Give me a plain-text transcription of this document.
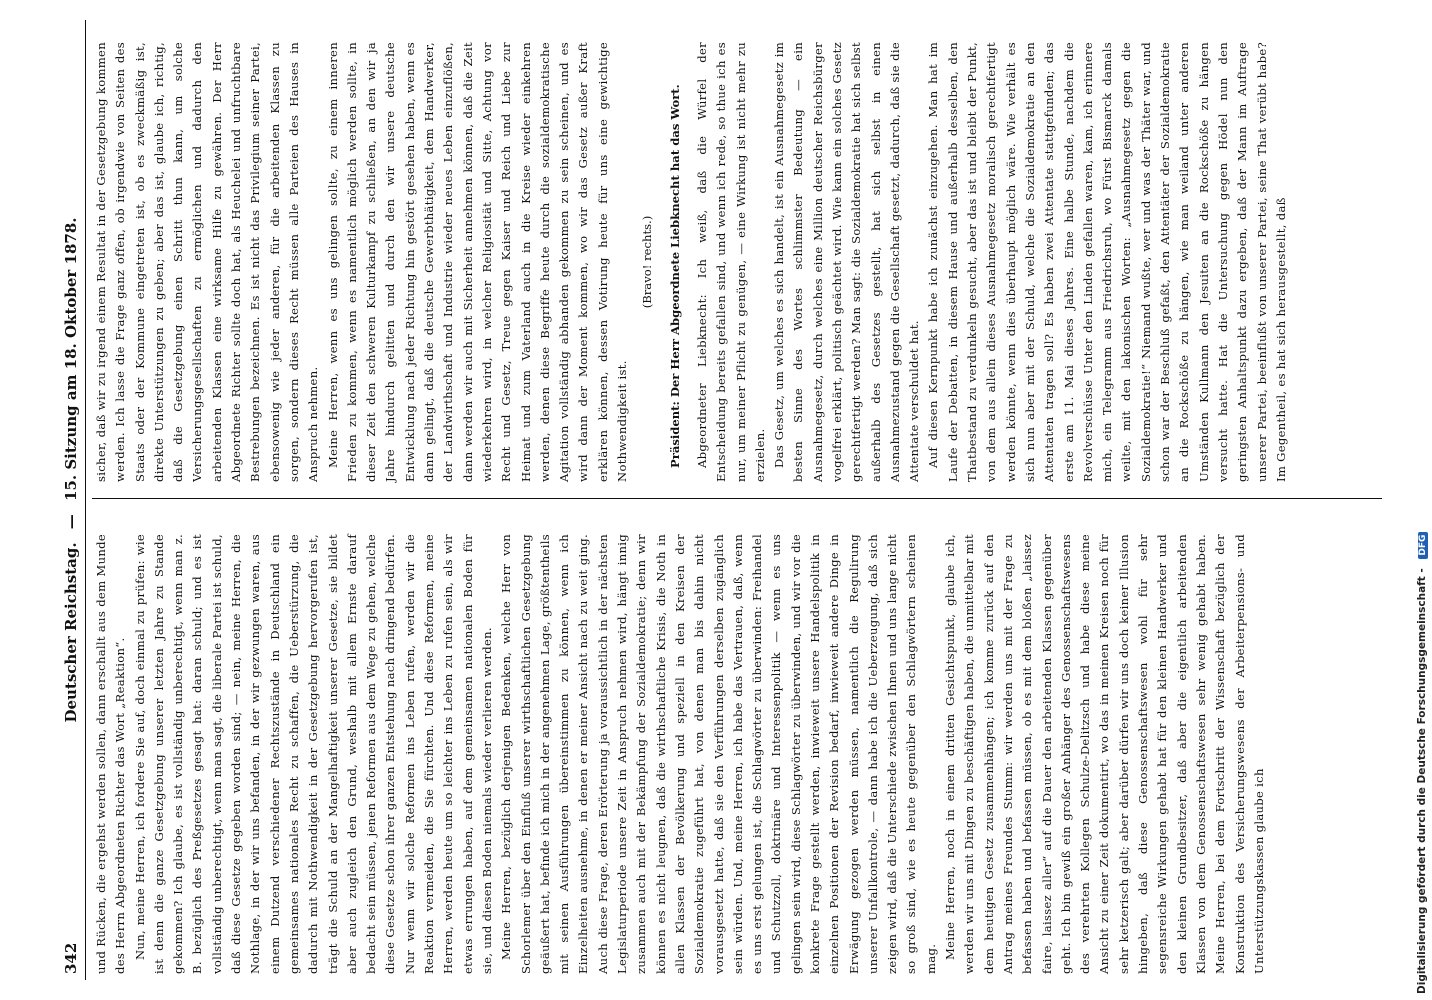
342
Deutscher Reichstag. — 15. Sitzung am 18. Oktober 1878.

und Rücken, die ergehst werden sollen, dann erschallt aus dem Munde des Herrn Abgeordneten Richter das Wort „Reaktion“. Nun, meine Herren, ich fordere Sie auf, doch einmal zu prüfen: wie ist denn die ganze Gesetzgebung unserer letzten Jahre zu Stande gekommen? Ich glaube, es ist vollständig unberechtigt, wenn man z. B. bezüglich des Preßgesetzes gesagt hat: daran schuld; und es ist vollständig unberechtigt, wenn man sagt, die liberale Partei ist schuld, daß diese Gesetze gegeben worden sind; — nein, meine Herren, die Nothlage, in der wir uns befanden, in der wir gezwungen waren, aus einem Dutzend verschiedener Rechtszustände in Deutschland ein gemeinsames nationales Recht zu schaffen, die Ueberstürzung, die dadurch mit Nothwendigkeit in der Gesetzgebung hervorgerufen ist, trägt die Schuld an der Mangelhaftigkeit unserer Gesetze, sie bildet aber auch zugleich den Grund, weshalb mit allem Ernste darauf bedacht sein müssen, jenen Reformen aus dem Wege zu gehen, welche diese Gesetze schon ihrer ganzen Entstehung nach dringend bedürfen. Nur wenn wir solche Reformen ins Leben rufen, werden wir die Reaktion vermeiden, die Sie fürchten. Und diese Reformen, meine Herren, werden heute um so leichter ins Leben zu rufen sein, als wir etwas errungen haben, auf dem gemeinsamen nationalen Boden für sie, und diesen Boden niemals wieder verlieren werden. Meine Herren, bezüglich derjenigen Bedenken, welche Herr von Schorlemer über den Einfluß unserer wirthschaftlichen Gesetzgebung geäußert hat, befinde ich mich in der angenehmen Lage, größtentheils mit seinen Ausführungen übereinstimmen zu können, wenn ich Einzelheiten ausnehme, in denen er meiner Ansicht nach zu weit ging. Auch diese Frage, deren Erörterung ja voraussichtlich in der nächsten Legislaturperiode unsere Zeit in Anspruch nehmen wird, hängt innig zusammen auch mit der Bekämpfung der Sozialdemokratie; denn wir können es nicht leugnen, daß die wirthschaftliche Krisis, die Noth in allen Klassen der Bevölkerung und speziell in den Kreisen der Sozialdemokratie zugeführt hat, von denen man bis dahin nicht vorausgesetzt hatte, daß sie den Verführungen derselben zugänglich sein würden. Und, meine Herren, ich habe das Vertrauen, daß, wenn es uns erst gelungen ist, die Schlagwörter zu überwinden: Freihandel und Schutzzoll, doktrinäre und Interessenpolitik — wenn es uns gelingen sein wird, diese Schlagwörter zu überwinden, und wir vor die konkrete Frage gestellt werden, inwieweit unsere Handelspolitik in einzelnen Positionen der Revision bedarf, inwieweit andere Dinge in Erwägung gezogen werden müssen, namentlich die Regulirung unserer Unfallkontrole, — dann habe ich die Ueberzeugung, daß sich zeigen wird, daß die Unterschiede zwischen Ihnen und uns lange nicht so groß sind, wie es heute gegenüber den Schlagwörtern scheinen mag. Meine Herren, noch in einem dritten Gesichtspunkt, glaube ich, werden wir uns mit Dingen zu beschäftigen haben, die unmittelbar mit dem heutigen Gesetz zusammenhängen; ich komme zurück auf den Antrag meines Freundes Stumm: wir werden uns mit der Frage zu befassen haben und befassen müssen, ob es mit dem bloßen „laissez faire, laissez aller“ auf die Dauer den arbeitenden Klassen gegenüber geht. Ich bin gewiß ein großer Anhänger des Genossenschaftswesens des verehrten Kollegen Schulze-Delitzsch und habe diese meine Ansicht zu einer Zeit dokumentirt, wo das in meinen Kreisen noch für sehr ketzerisch galt; aber darüber dürfen wir uns doch keiner Illusion hingeben, daß diese Genossenschaftswesen wohl für sehr segensreiche Wirkungen gehabt hat für den kleinen Handwerker und den kleinen Grundbesitzer, daß aber die eigentlich arbeitenden Klassen von dem Genossenschaftswesen sehr wenig gehabt haben. Meine Herren, bei dem Fortschritt der Wissenschaft bezüglich der Konstruktion des Versicherungswesens der Arbeiterpensions- und Unterstützungskassen glaube ich

sicher, daß wir zu irgend einem Resultat in der Gesetzgebung kommen werden. Ich lasse die Frage ganz offen, ob irgendwie von Seiten des Staats oder der Kommune eingetreten ist, ob es zweckmäßig ist, direkte Unterstützungen zu geben; aber das ist, glaube ich, richtig, daß die Gesetzgebung einen Schritt thun kann, um solche Versicherungsgesellschaften zu ermöglichen und dadurch den arbeitenden Klassen eine wirksame Hilfe zu gewähren. Der Herr Abgeordnete Richter sollte doch hat, als Heuchelei und unfruchtbare Bestrebungen bezeichnen. Es ist nicht das Privilegium seiner Partei, ebensowenig wie jeder anderen, für die arbeitenden Klassen zu sorgen, sondern dieses Recht müssen alle Parteien des Hauses in Anspruch nehmen. Meine Herren, wenn es uns gelingen sollte, zu einem inneren Frieden zu kommen, wenn es namentlich möglich werden sollte, in dieser Zeit den schweren Kulturkampf zu schließen, an den wir ja Jahre hindurch gelitten und durch den wir unsere deutsche Entwicklung nach jeder Richtung hin gestört gesehen haben, wenn es dann gelingt, daß die deutsche Gewerbthätigkeit, dem Handwerker, der Landwirthschaft und Industrie wieder neues Leben einzuflößen, dann werden wir auch mit Sicherheit annehmen können, daß die Zeit wiederkehren wird, in welcher Religiosität und Sitte, Achtung vor Recht und Gesetz, Treue gegen Kaiser und Reich und Liebe zur Heimat und zum Vaterland auch in die Kreise wieder einkehren werden, denen diese Begriffe heute durch die sozialdemokratische Agitation vollständig abhanden gekommen zu sein scheinen, und es wird dann der Moment kommen, wo wir das Gesetz außer Kraft erklären können, dessen Votirung heute für uns eine gewichtige Nothwendigkeit ist.

(Bravo! rechts.) Präsident: Der Herr Abgeordnete Liebknecht hat das Wort. Abgeordneter Liebknecht: Ich weiß, daß die Würfel der Entscheidung bereits gefallen sind, und wenn ich rede, so thue ich es nur, um meiner Pflicht zu genügen, — eine Wirkung ist nicht mehr zu erzielen. Das Gesetz, um welches es sich handelt, ist ein Ausnahmegesetz im besten Sinne des Wortes schlimmster Bedeutung — ein Ausnahmegesetz, durch welches eine Million deutscher Reichsbürger vogelfrei erklärt, politisch geächtet wird. Wie kann ein solches Gesetz gerechtfertigt werden? Man sagt: die Sozialdemokratie hat sich selbst außerhalb des Gesetzes gestellt, hat sich selbst in einen Ausnahmezustand gegen die Gesellschaft gesetzt, dadurch, daß sie die Attentate verschuldet hat. Auf diesen Kernpunkt habe ich zunächst einzugehen. Man hat im Laufe der Debatten, in diesem Hause und außerhalb desselben, den Thatbestand zu verdunkeln gesucht, aber das ist und bleibt der Punkt, von dem aus allein dieses Ausnahmegesetz moralisch gerechtfertigt werden könnte, wenn dies überhaupt möglich wäre. Wie verhält es sich nun aber mit der Schuld, welche die Sozialdemokratie an den Attentaten tragen soll? Es haben zwei Attentate stattgefunden; das erste am 11. Mai dieses Jahres. Eine halbe Stunde, nachdem die Revolverschüsse Unter den Linden gefallen waren, kam, ich erinnere mich, ein Telegramm aus Friedrichsruh, wo Fürst Bismarck damals weilte, mit den lakonischen Worten: „Ausnahmegesetz gegen die Sozialdemokratie!“ Niemand wußte, wer und was der Thäter war, und schon war der Beschluß gefaßt, den Attentäter der Sozialdemokratie an die Rockschöße zu hängen, wie man weiland unter anderen Umständen Kullmann den Jesuiten an die Rockschöße zu hängen versucht hatte. Hat die Untersuchung gegen Hödel nun den geringsten Anhaltspunkt dazu ergeben, daß der Mann im Auftrage unserer Partei, beeinflußt von unserer Partei, seine That verübt habe? Im Gegentheil, es hat sich herausgestellt, daß

Digitalisierung gefördert durch die Deutsche Forschungsgemeinschaft - DFG
